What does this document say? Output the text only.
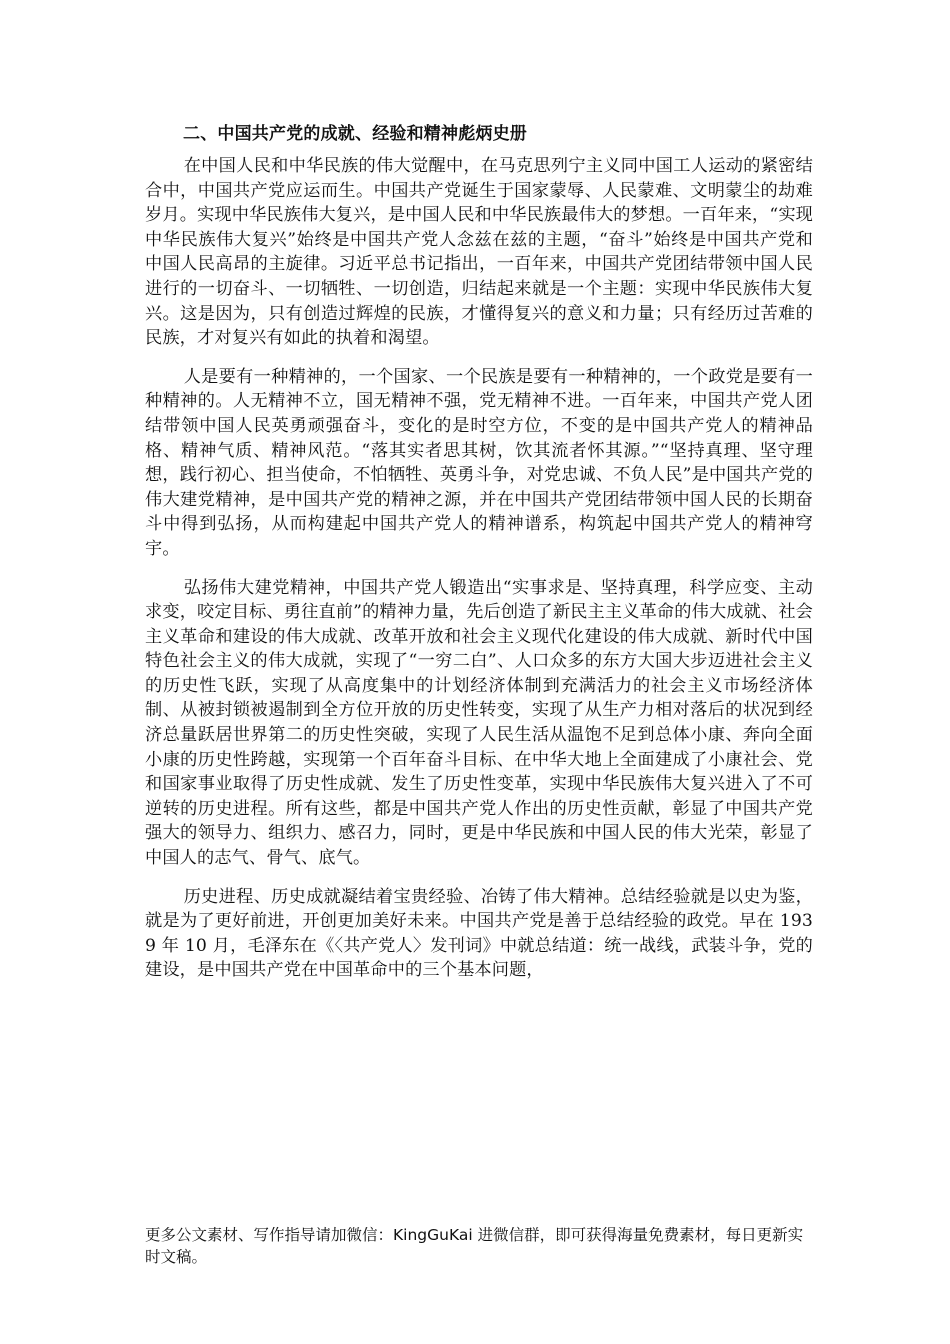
二、中国共产党的成就、经验和精神彪炳史册

在中国人民和中华民族的伟大觉醒中，在马克思列宁主义同中国工人运动的紧密结合中，中国共产党应运而生。中国共产党诞生于国家蒙辱、人民蒙难、文明蒙尘的劫难岁月。实现中华民族伟大复兴，是中国人民和中华民族最伟大的梦想。一百年来，“实现中华民族伟大复兴”始终是中国共产党人念兹在兹的主题，“奋斗”始终是中国共产党和中国人民高昂的主旋律。习近平总书记指出，一百年来，中国共产党团结带领中国人民进行的一切奋斗、一切牺牲、一切创造，归结起来就是一个主题：实现中华民族伟大复兴。这是因为，只有创造过辉煌的民族，才懂得复兴的意义和力量；只有经历过苦难的民族，才对复兴有如此的执着和渴望。

人是要有一种精神的，一个国家、一个民族是要有一种精神的，一个政党是要有一种精神的。人无精神不立，国无精神不强，党无精神不进。一百年来，中国共产党人团结带领中国人民英勇顽强奋斗，变化的是时空方位，不变的是中国共产党人的精神品格、精神气质、精神风范。“落其实者思其树，饮其流者怀其源。”“坚持真理、坚守理想，践行初心、担当使命，不怕牺牲、英勇斗争，对党忠诚、不负人民”是中国共产党的伟大建党精神，是中国共产党的精神之源，并在中国共产党团结带领中国人民的长期奋斗中得到弘扬，从而构建起中国共产党人的精神谱系，构筑起中国共产党人的精神穹宇。

弘扬伟大建党精神，中国共产党人锻造出“实事求是、坚持真理，科学应变、主动求变，咬定目标、勇往直前”的精神力量，先后创造了新民主主义革命的伟大成就、社会主义革命和建设的伟大成就、改革开放和社会主义现代化建设的伟大成就、新时代中国特色社会主义的伟大成就，实现了“一穷二白”、人口众多的东方大国大步迈进社会主义的历史性飞跃，实现了从高度集中的计划经济体制到充满活力的社会主义市场经济体制、从被封锁被遏制到全方位开放的历史性转变，实现了从生产力相对落后的状况到经济总量跃居世界第二的历史性突破，实现了人民生活从温饱不足到总体小康、奔向全面小康的历史性跨越，实现第一个百年奋斗目标、在中华大地上全面建成了小康社会、党和国家事业取得了历史性成就、发生了历史性变革，实现中华民族伟大复兴进入了不可逆转的历史进程。所有这些，都是中国共产党人作出的历史性贡献，彰显了中国共产党强大的领导力、组织力、感召力，同时，更是中华民族和中国人民的伟大光荣，彰显了中国人的志气、骨气、底气。

历史进程、历史成就凝结着宝贵经验、冶铸了伟大精神。总结经验就是以史为鉴，就是为了更好前进，开创更加美好未来。中国共产党是善于总结经验的政党。早在 1939 年 10 月，毛泽东在《〈共产党人〉发刊词》中就总结道：统一战线，武装斗争，党的建设，是中国共产党在中国革命中的三个基本问题，

更多公文素材、写作指导请加微信：KingGuKai 进微信群，即可获得海量免费素材，每日更新实时文稿。
